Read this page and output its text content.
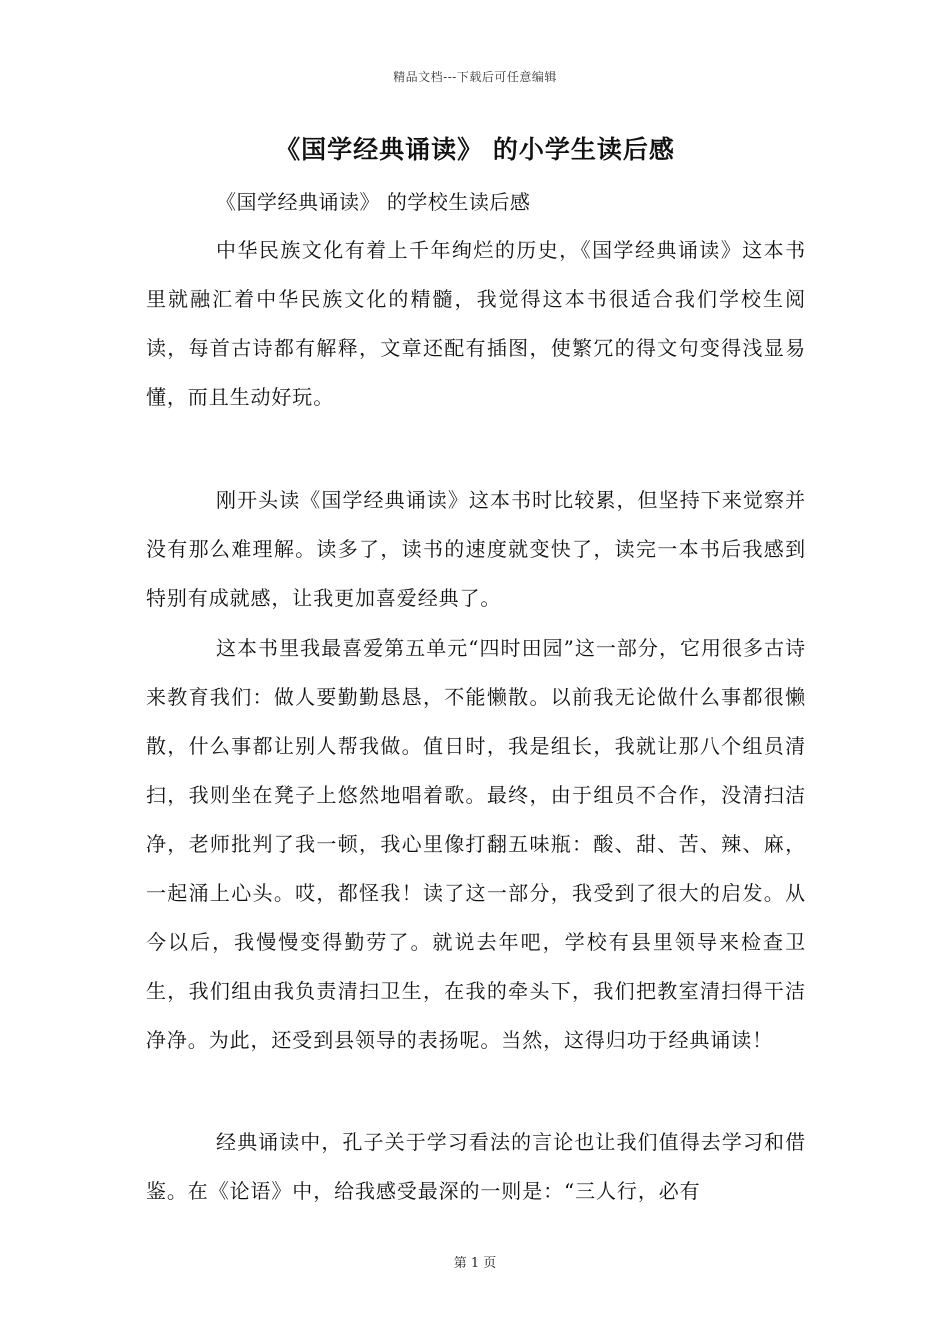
精品文档---下载后可任意编辑
《国学经典诵读》 的小学生读后感
《国学经典诵读》 的学校生读后感

中华民族文化有着上千年绚烂的历史，《国学经典诵读》这本书里就融汇着中华民族文化的精髓，我觉得这本书很适合我们学校生阅读，每首古诗都有解释，文章还配有插图，使繁冗的得文句变得浅显易懂，而且生动好玩。

刚开头读《国学经典诵读》这本书时比较累，但坚持下来觉察并没有那么难理解。读多了，读书的速度就变快了，读完一本书后我感到特别有成就感，让我更加喜爱经典了。

这本书里我最喜爱第五单元“四时田园”这一部分，它用很多古诗来教育我们：做人要勤勤恳恳，不能懒散。以前我无论做什么事都很懒散，什么事都让别人帮我做。值日时，我是组长，我就让那八个组员清扫，我则坐在凳子上悠然地唱着歌。最终，由于组员不合作，没清扫洁净，老师批判了我一顿，我心里像打翻五味瓶：酸、甜、苦、辣、麻，一起涌上心头。哎，都怪我！读了这一部分，我受到了很大的启发。从今以后，我慢慢变得勤劳了。就说去年吧，学校有县里领导来检查卫生，我们组由我负责清扫卫生，在我的牵头下，我们把教室清扫得干洁净净。为此，还受到县领导的表扬呢。当然，这得归功于经典诵读！

经典诵读中，孔子关于学习看法的言论也让我们值得去学习和借鉴。在《论语》中，给我感受最深的一则是：“三人行，必有

第 1 页
